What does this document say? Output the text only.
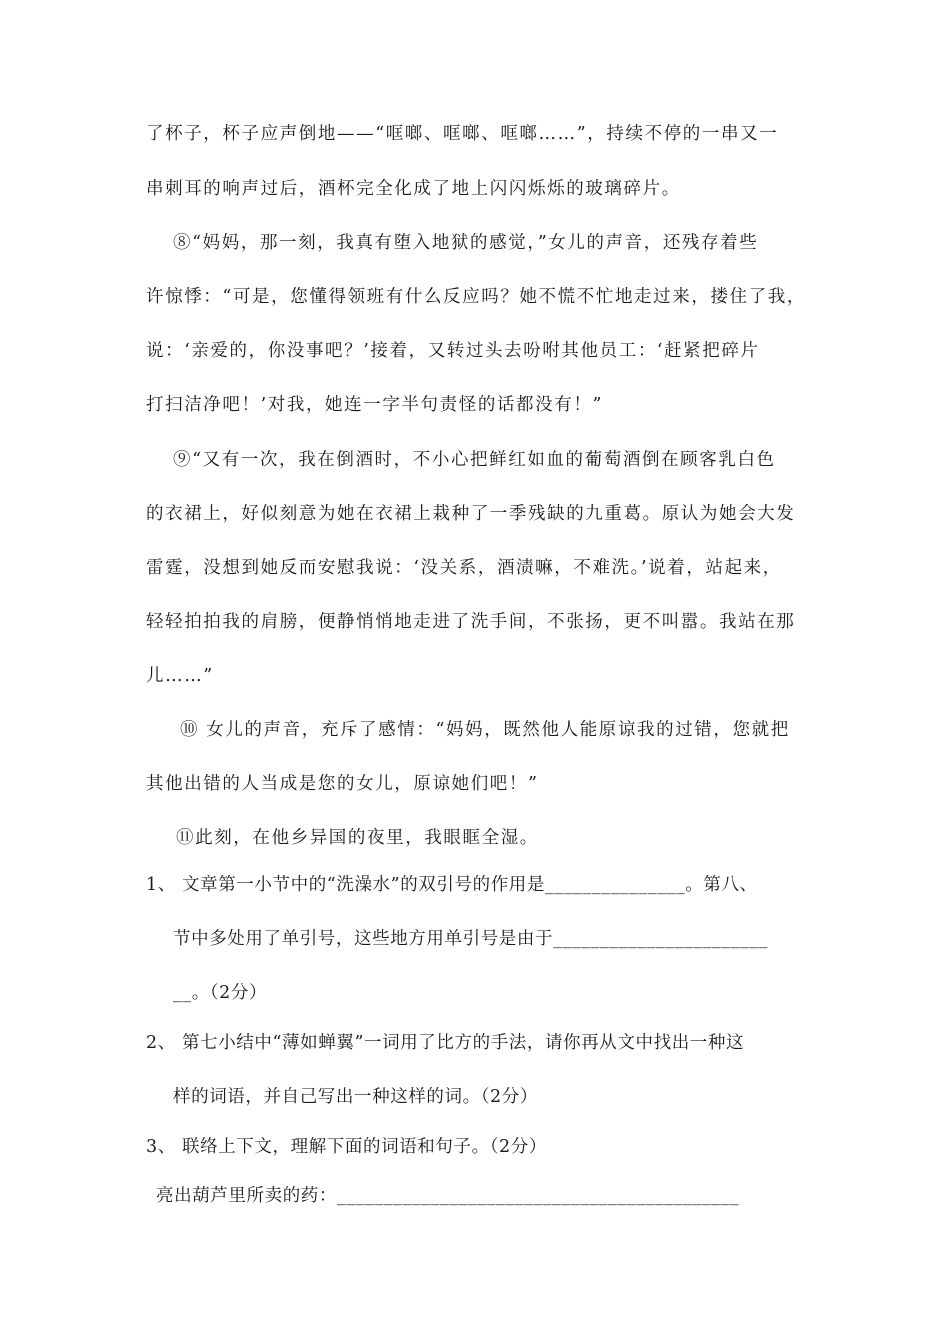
了杯子，杯子应声倒地——“哐啷、哐啷、哐啷……”，持续不停的一串又一
串刺耳的响声过后，酒杯完全化成了地上闪闪烁烁的玻璃碎片。
⑧“妈妈，那一刻，我真有堕入地狱的感觉，”女儿的声音，还残存着些
许惊悸：“可是，您懂得领班有什么反应吗？她不慌不忙地走过来，搂住了我，
说：‘亲爱的，你没事吧？’接着，又转过头去吩咐其他员工：‘赶紧把碎片
打扫洁净吧！’对我，她连一字半句责怪的话都没有！”
⑨“又有一次，我在倒酒时，不小心把鲜红如血的葡萄酒倒在顾客乳白色
的衣裙上，好似刻意为她在衣裙上栽种了一季残缺的九重葛。原认为她会大发
雷霆，没想到她反而安慰我说：‘没关系，酒渍嘛，不难洗。’说着，站起来，
轻轻拍拍我的肩膀，便静悄悄地走进了洗手间，不张扬，更不叫嚣。我站在那
儿……”
⑩ 女儿的声音，充斥了感情：“妈妈，既然他人能原谅我的过错，您就把
其他出错的人当成是您的女儿，原谅她们吧！”
⑪此刻，在他乡异国的夜里，我眼眶全湿。
1、 文章第一小节中的“洗澡水”的双引号的作用是_______________。第八、
节中多处用了单引号，这些地方用单引号是由于_______________________
__。（2分）
2、 第七小结中“薄如蝉翼”一词用了比方的手法，请你再从文中找出一种这
样的词语，并自己写出一种这样的词。（2分）
3、 联络上下文，理解下面的词语和句子。（2分）
亮出葫芦里所卖的药：___________________________________________
